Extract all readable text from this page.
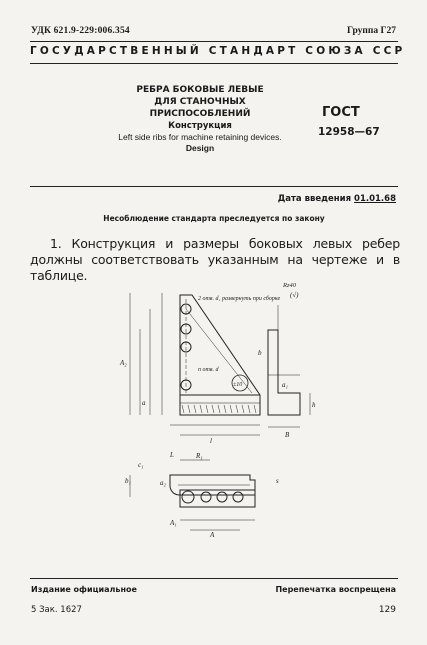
УДК 621.9-229:006.354	Группа Г27
ГОСУДАРСТВЕННЫЙ СТАНДАРТ СОЮЗА ССР
РЕБРА БОКОВЫЕ ЛЕВЫЕ
ДЛЯ СТАНОЧНЫХ
ПРИСПОСОБЛЕНИЙ
Конструкция
Left side ribs for machine retaining devices.
Design
ГОСТ
12958—67
Дата введения 01.01.68
Несоблюдение стандарта преследуется по закону
1. Конструкция и размеры боковых левых ребер должны соответствовать указанным на чертеже и в таблице.
2 отв. d₁ развернуть при сборке
n отв. d
Rz40
(√)
±10
b
l
B
A
A₁
A₂
a
a₁
a₂
b₁
h
R₁
s
c₁
L
Издание официальное	Перепечатка воспрещена
5 Зак. 1627	129
